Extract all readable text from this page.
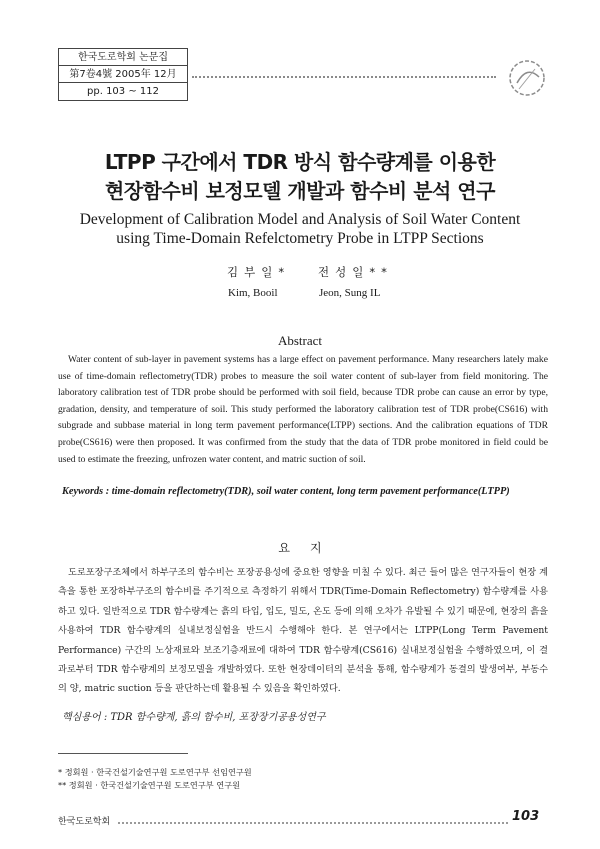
한국도로학회 논문집
第7卷4號 2005年 12月
pp. 103 ~ 112
LTPP 구간에서 TDR 방식 함수량계를 이용한
현장함수비 보정모델 개발과 함수비 분석 연구
Development of Calibration Model and Analysis of Soil Water Content
using Time-Domain Refelctometry Probe in LTPP Sections
김부일* 전성일**
Kim, Booil	Jeon, Sung IL
Abstract
Water content of sub-layer in pavement systems has a large effect on pavement performance. Many researchers lately make use of time-domain reflectometry(TDR) probes to measure the soil water content of sub-layer from field monitoring. The laboratory calibration test of TDR probe should be performed with soil field, because TDR probe can cause an error by type, gradation, density, and temperature of soil. This study performed the laboratory calibration test of TDR probe(CS616) with subgrade and subbase material in long term pavement performance(LTPP) sections. And the calibration equations of TDR probe(CS616) were then proposed. It was confirmed from the study that the data of TDR probe monitored in field could be used to estimate the freezing, unfrozen water content, and matric suction of soil.
Keywords : time-domain reflectometry(TDR), soil water content, long term pavement performance(LTPP)
요지
도로포장구조체에서 하부구조의 함수비는 포장공용성에 중요한 영향을 미칠 수 있다. 최근 들어 많은 연구자들이 현장 계측을 통한 포장하부구조의 함수비를 주기적으로 측정하기 위해서 TDR(Time-Domain Reflectometry) 함수량계를 사용하고 있다. 일반적으로 TDR 함수량계는 흙의 타입, 입도, 밀도, 온도 등에 의해 오차가 유발될 수 있기 때문에, 현장의 흙을 사용하여 TDR 함수량계의 실내보정실험을 반드시 수행해야 한다. 본 연구에서는 LTPP(Long Term Pavement Performance) 구간의 노상재료와 보조기층재료에 대하여 TDR 함수량계(CS616) 실내보정실험을 수행하였으며, 이 결과로부터 TDR 함수량계의 보정모델을 개발하였다. 또한 현장데이터의 분석을 통해, 함수량계가 동결의 발생여부, 부동수의 양, matric suction 등을 판단하는데 활용될 수 있음을 확인하였다.
핵심용어 : TDR 함수량계, 흙의 함수비, 포장장기공용성연구
* 정회원 · 한국건설기술연구원 도로연구부 선임연구원
** 정회원 · 한국건설기술연구원 도로연구부 연구원
한국도로학회	103
